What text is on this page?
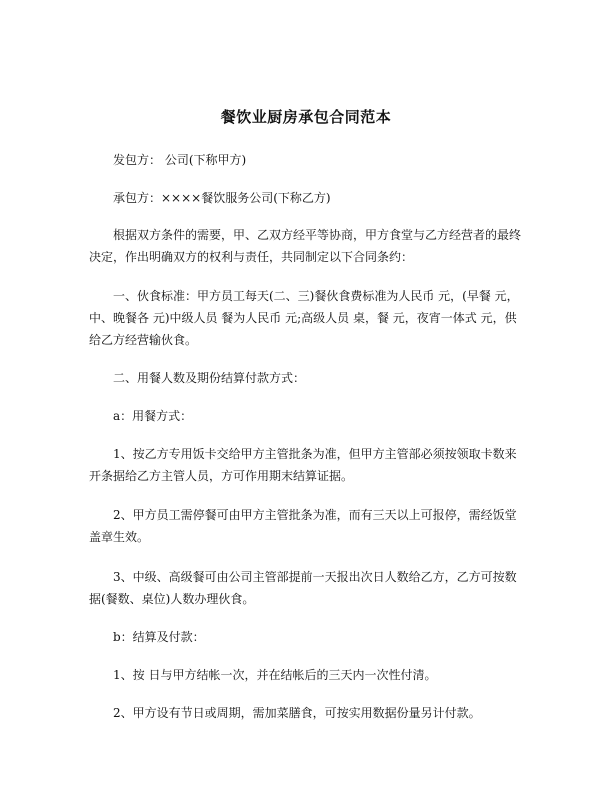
餐饮业厨房承包合同范本

发包方： 公司(下称甲方)

承包方：××××餐饮服务公司(下称乙方)

根据双方条件的需要，甲、乙双方经平等协商，甲方食堂与乙方经营者的最终决定，作出明确双方的权利与责任，共同制定以下合同条约：

一、伙食标准：甲方员工每天(二、三)餐伙食费标准为人民币 元，(早餐 元，中、晚餐各 元)中级人员 餐为人民币 元;高级人员 桌，餐 元，夜宵一体式 元，供给乙方经营输伙食。

二、用餐人数及期份结算付款方式：

a：用餐方式：

1、按乙方专用饭卡交给甲方主管批条为准，但甲方主管部必须按领取卡数来开条据给乙方主管人员，方可作用期末结算证据。

2、甲方员工需停餐可由甲方主管批条为准，而有三天以上可报停，需经饭堂盖章生效。

3、中级、高级餐可由公司主管部提前一天报出次日人数给乙方，乙方可按数据(餐数、桌位)人数办理伙食。

b：结算及付款：

1、按 日与甲方结帐一次，并在结帐后的三天内一次性付清。

2、甲方设有节日或周期，需加菜膳食，可按实用数据份量另计付款。
